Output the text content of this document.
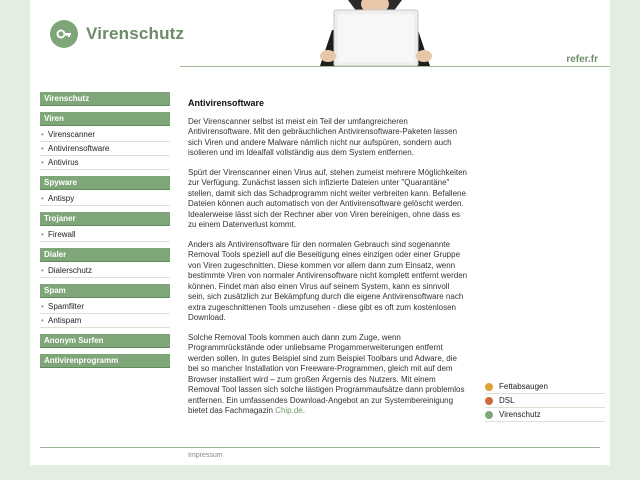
Virenschutz
refer.fr
Virenschutz
Viren
• Virenscanner
• Antivirensoftware
• Antivirus
Spyware
• Antispy
Trojaner
• Firewall
Dialer
• Dialerschutz
Spam
• Spamfilter
• Antispam
Anonym Surfen
Antivirenprogramm
Antivirensoftware

Der Virenscanner selbst ist meist ein Teil der umfangreicheren Antivirensoftware. Mit den gebräuchlichen Antivirensoftware-Paketen lassen sich Viren und andere Malware nämlich nicht nur aufspüren, sondern auch isolieren und im Idealfall vollständig aus dem System entfernen.

Spürt der Virenscanner einen Virus auf, stehen zumeist mehrere Möglichkeiten zur Verfügung. Zunächst lassen sich infizierte Dateien unter "Quarantäne" stellen, damit sich das Schadprogramm nicht weiter verbreiten kann. Befallene Dateien können auch automatisch von der Antivirensoftware gelöscht werden. Idealerweise lässt sich der Rechner aber von Viren bereinigen, ohne dass es zu einem Datenverlust kommt.

Anders als Antivirensoftware für den normalen Gebrauch sind sogenannte Removal Tools speziell auf die Beseitigung eines einzigen oder einer Gruppe von Viren zugeschnitten. Diese kommen vor allem dann zum Einsatz, wenn bestimmte Viren von normaler Antivirensoftware nicht komplett entfernt werden können. Findet man also einen Virus auf seinem System, kann es sinnvoll sein, sich zusätzlich zur Bekämpfung durch die eigene Antivirensoftware nach extra zugeschnittenen Tools umzusehen - diese gibt es oft zum kostenlosen Download.

Solche Removal Tools kommen auch dann zum Zuge, wenn Programmrückstände oder unliebsame Progammerweiterungen entfernt werden sollen. In gutes Beispiel sind zum Beispiel Toolbars und Adware, die bei so mancher Installation von Freeware-Programmen, gleich mit auf dem Browser installiert wird – zum großen Ärgernis des Nutzers. Mit einem Removal Tool lassen sich solche lästigen Programmaufsätze dann problemlos entfernen. Ein umfassendes Download-Angebot an zur Systembereinigung bietet das Fachmagazin Chip.de.

Fettabsaugen
DSL
Virenschutz
Impressum
